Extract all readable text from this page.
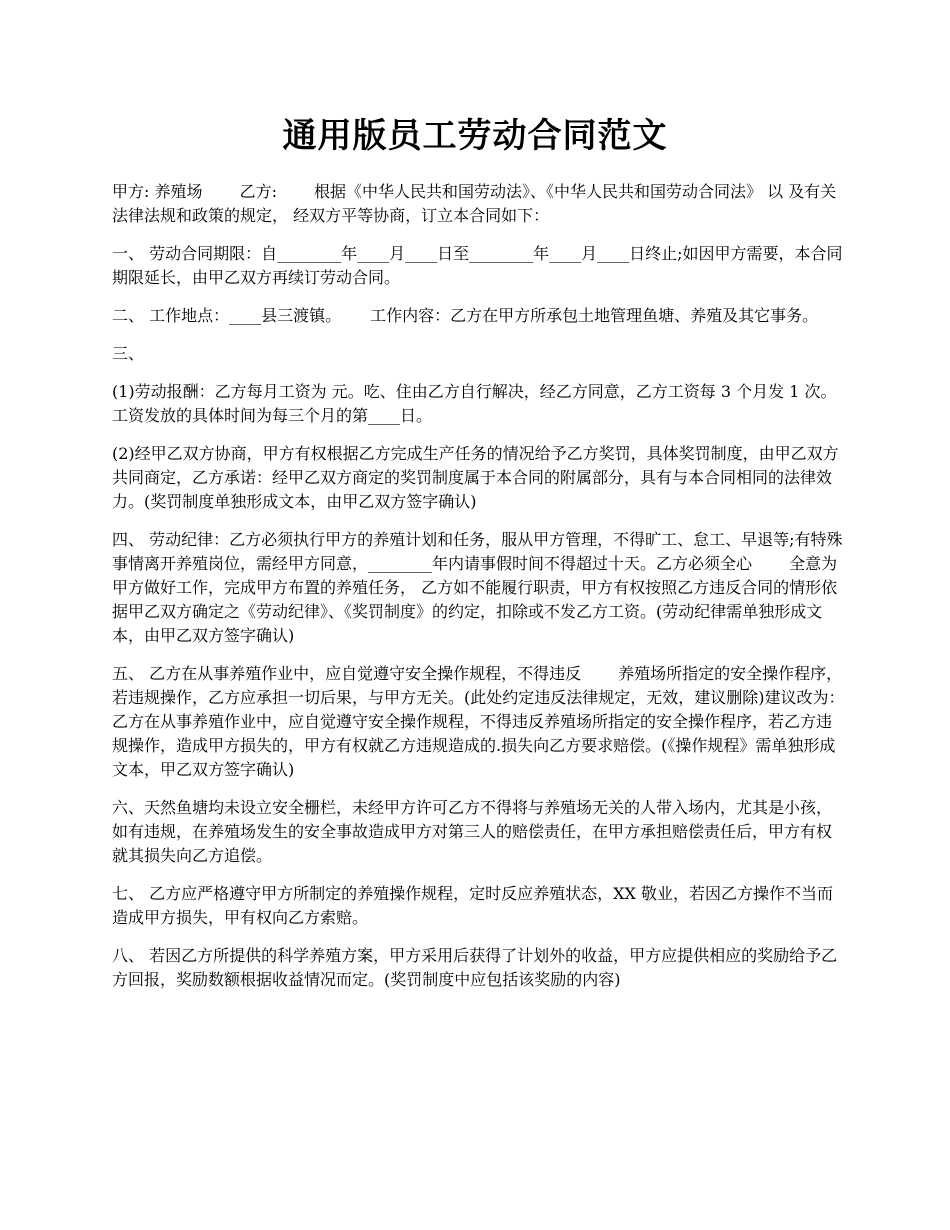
通用版员工劳动合同范文

甲方: 养殖场　　 乙方:　　 根据《中华人民共和国劳动法》、《中华人民共和国劳动合同法》 以 及有关法律法规和政策的规定， 经双方平等协商，订立本合同如下：

一、 劳动合同期限：自________年____月____日至________年____月____日终止;如因甲方需要，本合同期限延长，由甲乙双方再续订劳动合同。

二、 工作地点：____县三渡镇。　　 工作内容：乙方在甲方所承包土地管理鱼塘、养殖及其它事务。

三、

(1)劳动报酬：乙方每月工资为 元。吃、住由乙方自行解决，经乙方同意，乙方工资每 3 个月发 1 次。工资发放的具体时间为每三个月的第____日。

(2)经甲乙双方协商，甲方有权根据乙方完成生产任务的情况给予乙方奖罚，具体奖罚制度，由甲乙双方共同商定，乙方承诺：经甲乙双方商定的奖罚制度属于本合同的附属部分，具有与本合同相同的法律效力。(奖罚制度单独形成文本，由甲乙双方签字确认)

四、 劳动纪律：乙方必须执行甲方的养殖计划和任务，服从甲方管理，不得旷工、怠工、早退等;有特殊事情离开养殖岗位，需经甲方同意，________年内请事假时间不得超过十天。乙方必须全心　　 全意为甲方做好工作，完成甲方布置的养殖任务， 乙方如不能履行职责，甲方有权按照乙方违反合同的情形依据甲乙双方确定之《劳动纪律》、《奖罚制度》的约定，扣除或不发乙方工资。(劳动纪律需单独形成文本，由甲乙双方签字确认)

五、 乙方在从事养殖作业中，应自觉遵守安全操作规程，不得违反　　 养殖场所指定的安全操作程序，若违规操作，乙方应承担一切后果，与甲方无关。(此处约定违反法律规定，无效，建议删除)建议改为：乙方在从事养殖作业中，应自觉遵守安全操作规程，不得违反养殖场所指定的安全操作程序，若乙方违规操作，造成甲方损失的，甲方有权就乙方违规造成的.损失向乙方要求赔偿。(《操作规程》需单独形成文本，甲乙双方签字确认)

六、天然鱼塘均未设立安全栅栏，未经甲方许可乙方不得将与养殖场无关的人带入场内，尤其是小孩，如有违规，在养殖场发生的安全事故造成甲方对第三人的赔偿责任，在甲方承担赔偿责任后，甲方有权就其损失向乙方追偿。

七、 乙方应严格遵守甲方所制定的养殖操作规程，定时反应养殖状态，XX 敬业，若因乙方操作不当而造成甲方损失，甲有权向乙方索赔。

八、 若因乙方所提供的科学养殖方案，甲方采用后获得了计划外的收益，甲方应提供相应的奖励给予乙方回报，奖励数额根据收益情况而定。(奖罚制度中应包括该奖励的内容)
